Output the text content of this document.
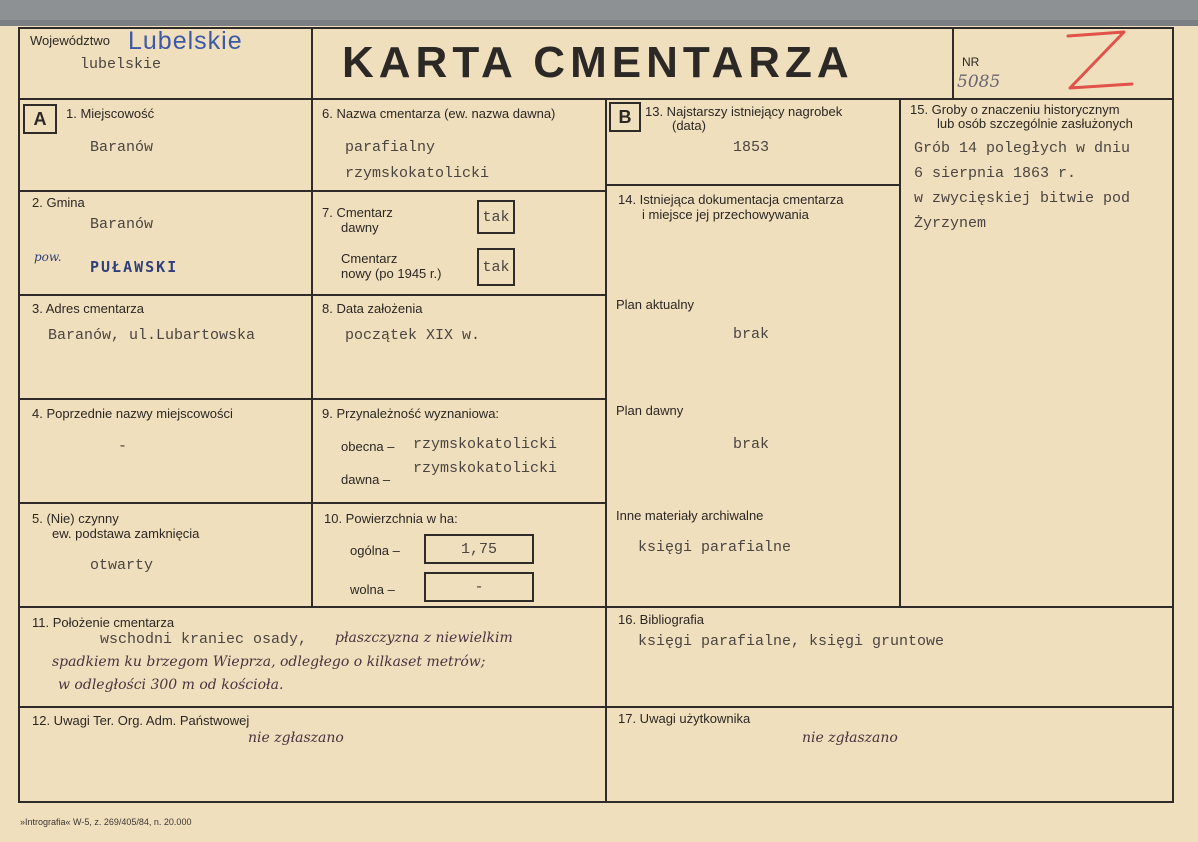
Województwo Lubelskie
lubelskie	KARTA CMENTARZA	NR
5085
A	B
1. Miejscowość
Baranów
2. Gmina
Baranów
pow.
PUŁAWSKI
3. Adres cmentarza
Baranów, ul.Lubartowska
4. Poprzednie nazwy miejscowości
-
5. (Nie) czynny
ew. podstawa zamknięcia
otwarty
6. Nazwa cmentarza (ew. nazwa dawna)
parafialny
rzymskokatolicki
7. Cmentarz
dawny
tak
Cmentarz
nowy (po 1945 r.)	tak
8. Data założenia
początek XIX w.
9. Przynależność wyznaniowa:
obecna – rzymskokatolicki
dawna –
rzymskokatolicki
10. Powierzchnia w ha:
ogólna –	1,75
wolna –	-
13. Najstarszy istniejący nagrobek
(data)
1853
14. Istniejąca dokumentacja cmentarza
i miejsce jej przechowywania
Plan aktualny
brak
Plan dawny
brak
Inne materiały archiwalne
księgi parafialne
15. Groby o znaczeniu historycznym
lub osób szczególnie zasłużonych
Grób 14 poległych w dniu
6 sierpnia 1863 r.
w zwycięskiej bitwie pod
Żyrzynem
11. Położenie cmentarza
wschodni kraniec osady, płaszczyzna z niewielkim
spadkiem ku brzegom Wieprza, odległego o kilkaset metrów;
w odległości 300 m od kościoła.
16. Bibliografia
księgi parafialne, księgi gruntowe
12. Uwagi Ter. Org. Adm. Państwowej
nie zgłaszano
17. Uwagi użytkownika
nie zgłaszano
»Intrografia« W-5, z. 269/405/84, n. 20.000
